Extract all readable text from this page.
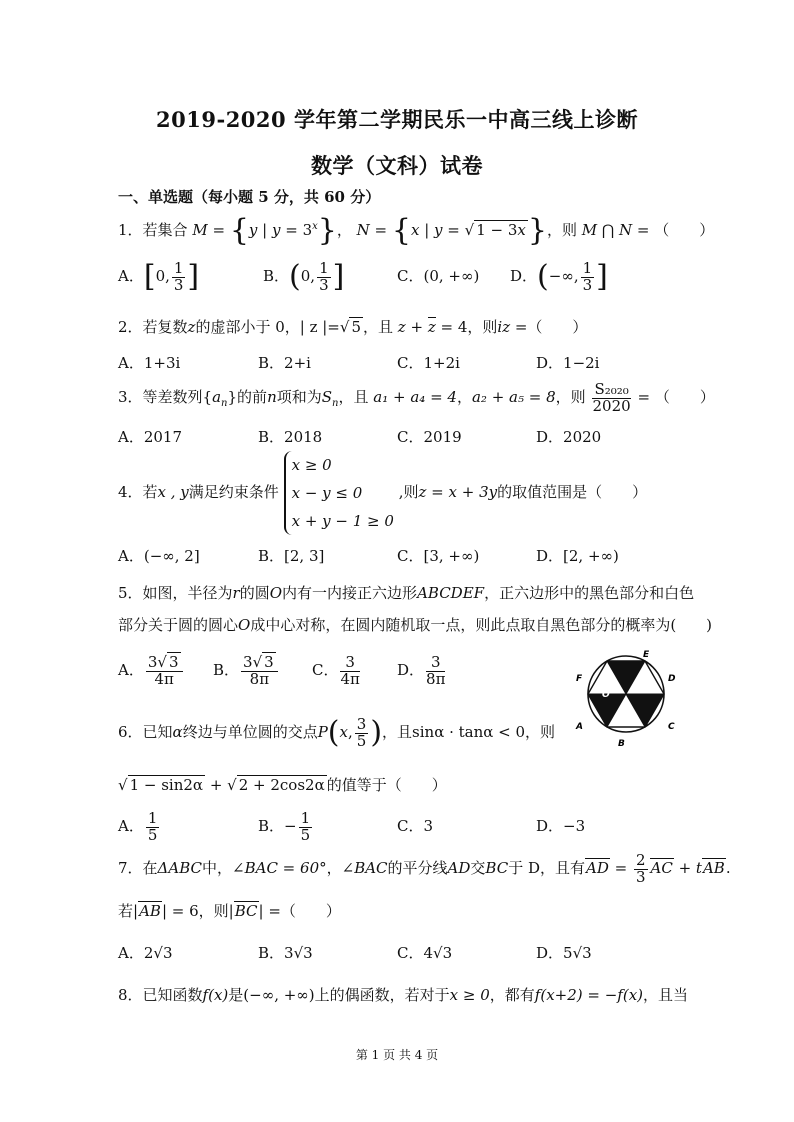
2019-2020 学年第二学期民乐一中高三线上诊断
数学（文科）试卷
一、单选题（每小题 5 分，共 60 分）
1．若集合 M = {y | $y = 3^x$}， N = {x | y = √ 1 − 3x}，则 M ⋂ N = （　　）
A．[0, $\frac{1}{3}$ ]	B．(0, $\frac{1}{3}$ ]	C．(0, +∞) D．(−∞, $\frac{1}{3}$ ]
2．若复数z的虚部小于 0，| z |=√ 5 ，且 z + z = 4，则iz =（　　）
A．1+3i	B．2+i	C．1+2i	D．1−2i
3．等差数列$\{a_n\}$的前n项和为$S_n$，且 a₁ + a₄ = 4，a₂ + a₅ = 8，则 $\frac{\text{S₂₀₂₀}}{2020}$ = （　　）
A．2017	B．2018	C．2019	D．2020
4．若x , y满足约束条件 x ≥ 0
x − y ≤ 0
x + y − 1 ≥ 0 ,则z = x + 3y的取值范围是（　　）
A．(−∞, 2]	B．[2, 3]	C．[3, +∞)	D．[2, +∞)
5．如图，半径为r的圆O内有一内接正六边形ABCDEF，正六边形中的黑色部分和白色
部分关于圆的圆心O成中心对称，在圆内随机取一点，则此点取自黑色部分的概率为(　　)
A． $\frac{3√ 3}{4\pi}$ B． $\frac{3√ 3}{8\pi}$ C． $\frac{3}{4\pi}$ D． $\frac{3}{8\pi}$	E
D
F
O
A	C
B
6．已知α终边与单位圆的交点P(x, $\frac{3}{5}$ )，且sinα · tanα < 0，则
√ 1 − sin2α + √ 2 + 2cos2α 的值等于（　　）
A． $\frac{1}{5}$	B．− $\frac{1}{5}$	C．3	D．−3
7．在ΔABC中，∠BAC = 60°，∠BAC的平分线AD交BC于 D，且有AD = $\frac{2}{3}$ AC + tAB.
若|AB| = 6，则|BC| =（　　）
A．2√3	B．3√3	C．4√3	D．5√3
8．已知函数f(x)是(−∞, +∞)上的偶函数，若对于x ≥ 0，都有f(x+2) = −f(x)，且当
第 1 页 共 4 页
